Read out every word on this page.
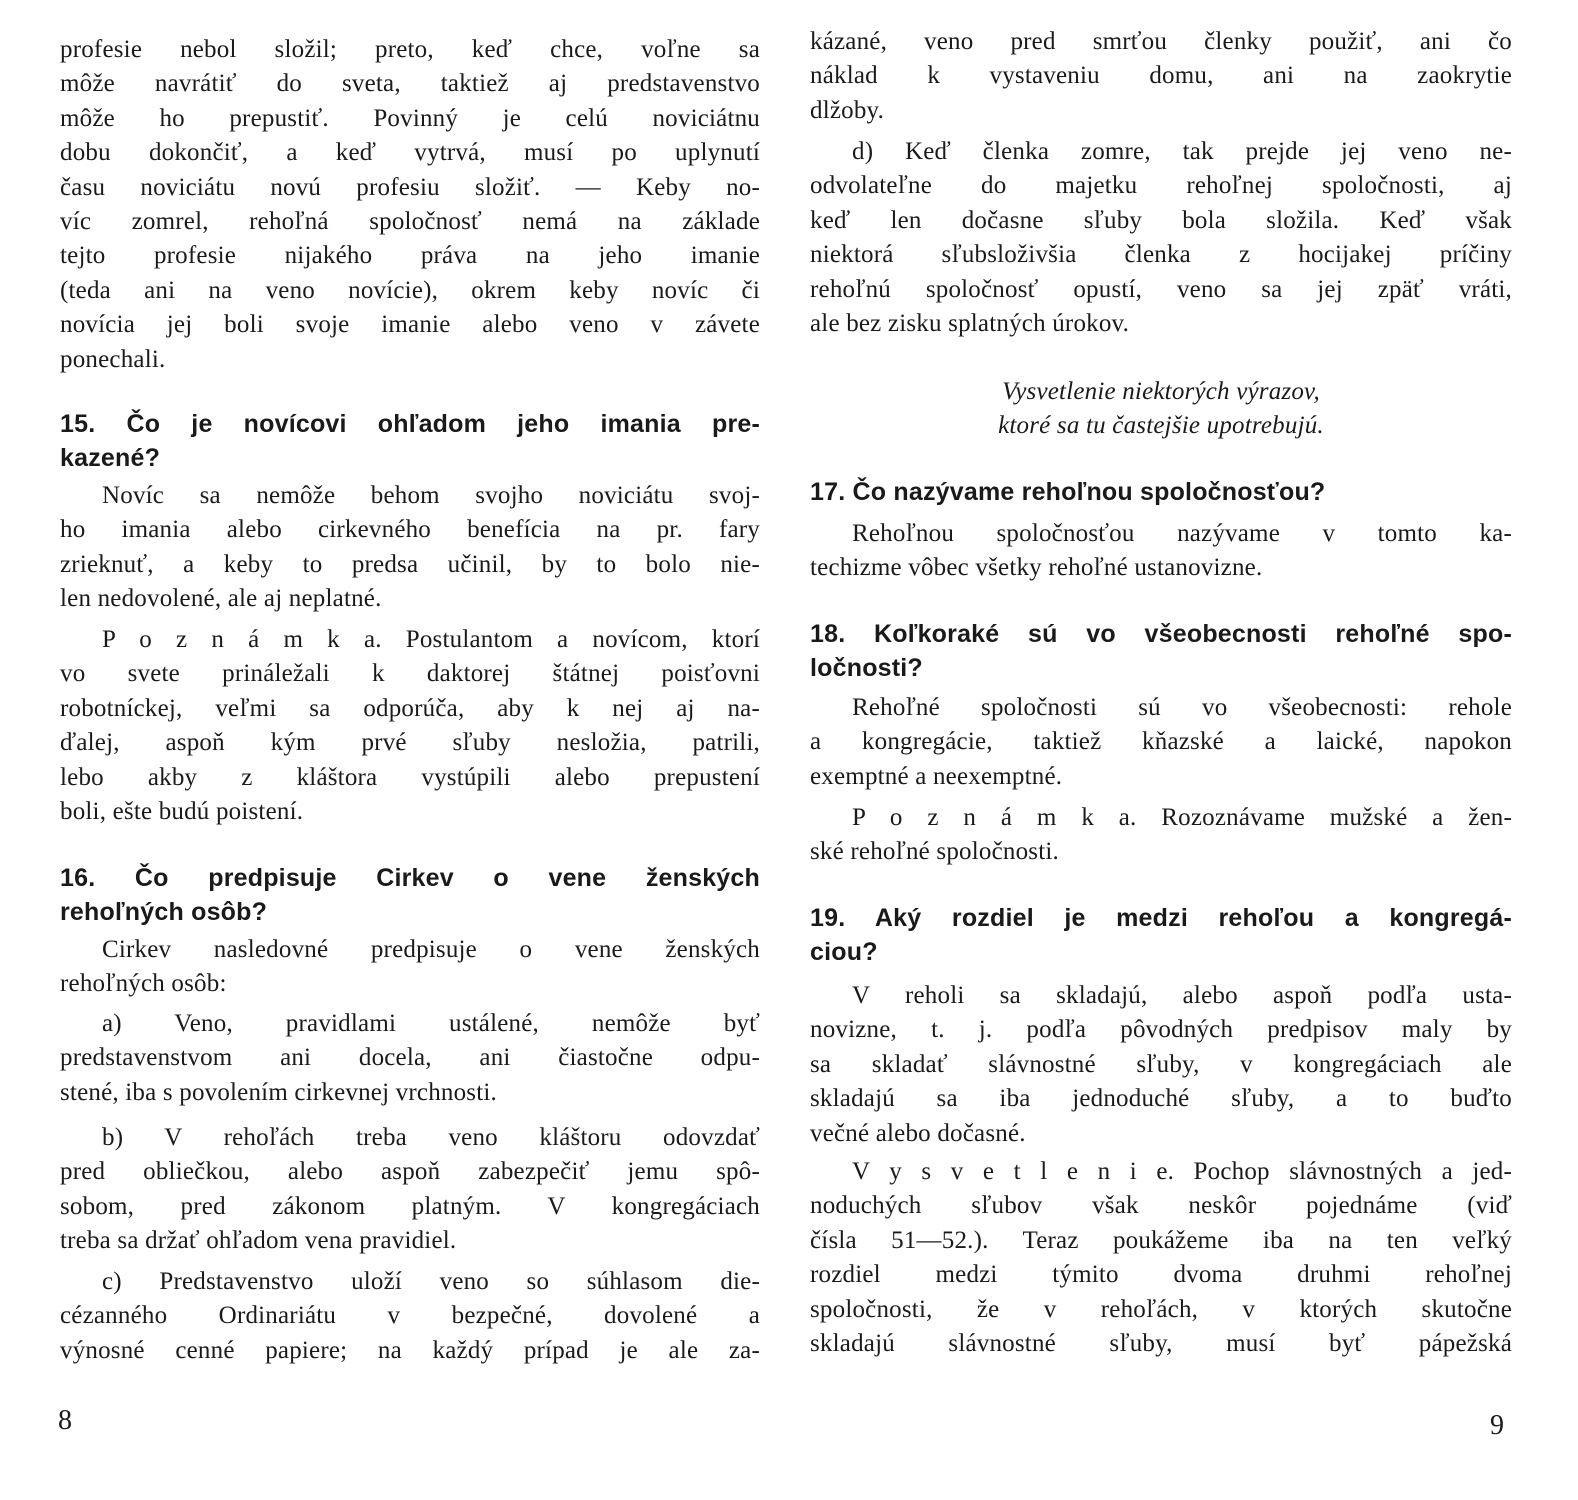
profesie nebol složil; preto, keď chce, voľne sa
môže navrátiť do sveta, taktiež aj predstavenstvo
môže ho prepustiť. Povinný je celú noviciátnu
dobu dokončiť, a keď vytrvá, musí po uplynutí
času noviciátu novú profesiu složiť. — Keby no-
víc zomrel, rehoľná spoločnosť nemá na základe
tejto profesie nijakého práva na jeho imanie
(teda ani na veno novície), okrem keby novíc či
novícia jej boli svoje imanie alebo veno v závete
ponechali.
15. Čo je novícovi ohľadom jeho imania pre-
kazené?
Novíc sa nemôže behom svojho noviciátu svoj-
ho imania alebo cirkevného benefícia na pr. fary
zrieknuť, a keby to predsa učinil, by to bolo nie-
len nedovolené, ale aj neplatné.
P o z n á m k a. Postulantom a novícom, ktorí
vo svete prináležali k daktorej štátnej poisťovni
robotníckej, veľmi sa odporúča, aby k nej aj na-
ďalej, aspoň kým prvé sľuby nesložia, patrili,
lebo akby z kláštora vystúpili alebo prepustení
boli, ešte budú poistení.
16. Čo predpisuje Cirkev o vene ženských
rehoľných osôb?
Cirkev nasledovné predpisuje o vene ženských
rehoľných osôb:
a) Veno, pravidlami ustálené, nemôže byť
predstavenstvom ani docela, ani čiastočne odpu-
stené, iba s povolením cirkevnej vrchnosti.
b) V rehoľách treba veno kláštoru odovzdať
pred obliečkou, alebo aspoň zabezpečiť jemu spô-
sobom, pred zákonom platným. V kongregáciach
treba sa držať ohľadom vena pravidiel.
c) Predstavenstvo uloží veno so súhlasom die-
cézanného Ordinariátu v bezpečné, dovolené a
výnosné cenné papiere; na každý prípad je ale za-
kázané, veno pred smrťou členky použiť, ani čo
náklad k vystaveniu domu, ani na zaokrytie
dlžoby.
d) Keď členka zomre, tak prejde jej veno ne-
odvolateľne do majetku rehoľnej spoločnosti, aj
keď len dočasne sľuby bola složila. Keď však
niektorá sľubsloživšia členka z hocijakej príčiny
rehoľnú spoločnosť opustí, veno sa jej zpäť vráti,
ale bez zisku splatných úrokov.
Vysvetlenie niektorých výrazov,
ktoré sa tu častejšie upotrebujú.
17. Čo nazývame rehoľnou spoločnosťou?
Rehoľnou spoločnosťou nazývame v tomto ka-
techizme vôbec všetky rehoľné ustanovizne.
18. Koľkoraké sú vo všeobecnosti rehoľné spo-
ločnosti?
Rehoľné spoločnosti sú vo všeobecnosti: rehole
a kongregácie, taktiež kňazské a laické, napokon
exemptné a neexemptné.
P o z n á m k a. Rozoznávame mužské a žen-
ské rehoľné spoločnosti.
19. Aký rozdiel je medzi rehoľou a kongregá-
ciou?
V reholi sa skladajú, alebo aspoň podľa usta-
novizne, t. j. podľa pôvodných predpisov maly by
sa skladať slávnostné sľuby, v kongregáciach ale
skladajú sa iba jednoduché sľuby, a to buďto
večné alebo dočasné.
V y s v e t l e n i e. Pochop slávnostných a jed-
noduchých sľubov však neskôr pojednáme (viď
čísla 51—52.). Teraz poukážeme iba na ten veľký
rozdiel medzi týmito dvoma druhmi rehoľnej
spoločnosti, že v rehoľách, v ktorých skutočne
skladajú slávnostné sľuby, musí byť pápežská
8	9
